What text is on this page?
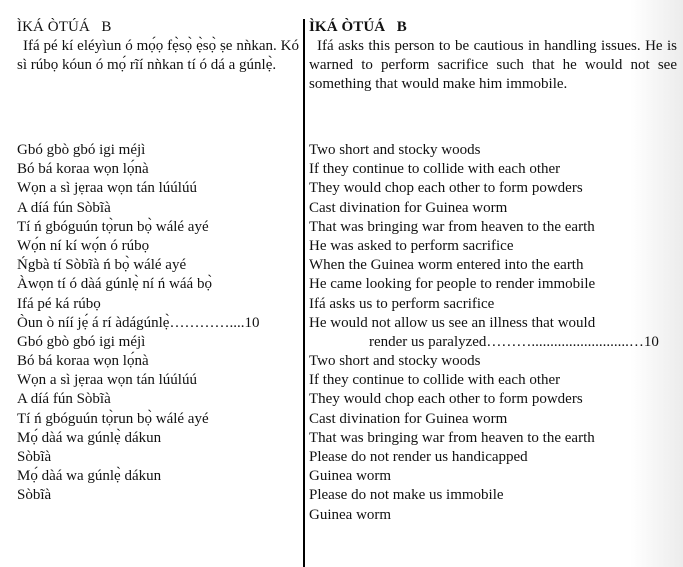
ÌKÁ ÒTÚÁ   B

Ifá pé kí eléyìun ó mọ́ọ fẹ̀sọ̀ ẹ̀sọ̀ ṣe nǹkan. Kó sì rúbọ kóun ó mọ́ rĩí nǹkan tí ó dá a gúnlẹ̀.

ÌKÁ ÒTÚÁ   B

Ifá asks this person to be cautious in handling issues. He is warned to perform sacrifice such that he would not see something that would make him immobile.

Gbó gbò gbó igi méjì
Bó bá koraa wọn lọ́nà
Wọn a sì jẹraa wọn tán lúúlúú
A díá fún Sòbĩà
Tí ń gbóguún tọ̀run bọ̀ wálé ayé
Wọ́n ní kí wọ́n ó rúbọ
Ńgbà tí Sòbĩà ń bọ̀ wálé ayé
Àwọn tí ó dàá gúnlẹ̀ ní ń wáá bọ̀
Ifá pé ká rúbọ
Òun ò níí jẹ́ á rí àdágúnlẹ̀…………....10
Gbó gbò gbó igi méjì
Bó bá koraa wọn lọ́nà
Wọn a sì jẹraa wọn tán lúúlúú
A díá fún Sòbĩà
Tí ń gbóguún tọ̀run bọ̀ wálé ayé
Mọ́ dàá wa gúnlẹ̀ dákun
Sòbĩà
Mọ́ dàá wa gúnlẹ̀ dákun
Sòbĩà
Two short and stocky woods
If they continue to collide with each other
They would chop each other to form powders
Cast divination for Guinea worm
That was bringing war from heaven to the earth
He was asked to perform sacrifice
When the Guinea worm entered into the earth
He came looking for people to render immobile
Ifá asks us to perform sacrifice
He would not allow us see an illness that would
render us paralyzed………..........................…10
Two short and stocky woods
If they continue to collide with each other
They would chop each other to form powders
Cast divination for Guinea worm
That was bringing war from heaven to the earth
Please do not render us handicapped
Guinea worm
Please do not make us immobile
Guinea worm
